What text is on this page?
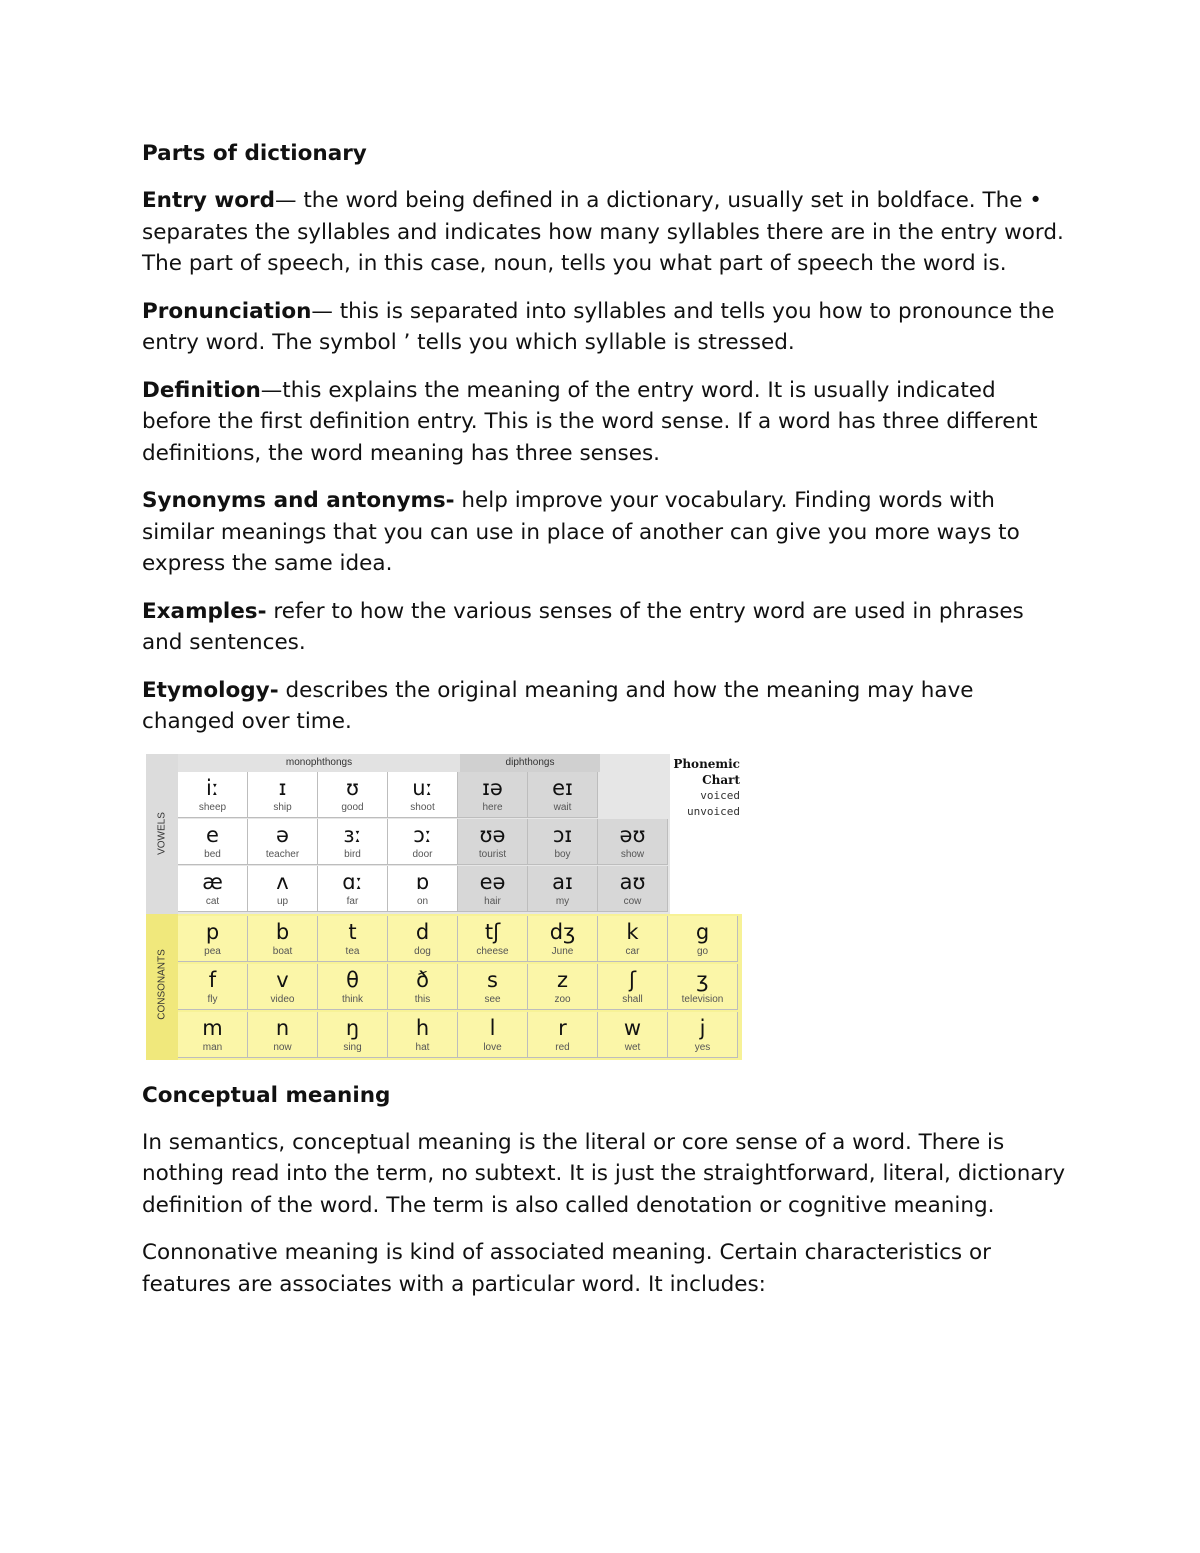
Parts of dictionary
Entry word— the word being defined in a dictionary, usually set in boldface. The • separates the syllables and indicates how many syllables there are in the entry word. The part of speech, in this case, noun, tells you what part of speech the word is.
Pronunciation— this is separated into syllables and tells you how to pronounce the entry word. The symbol ’ tells you which syllable is stressed.
Definition—this explains the meaning of the entry word. It is usually indicated before the first definition entry. This is the word sense. If a word has three different definitions, the word meaning has three senses.
Synonyms and antonyms- help improve your vocabulary. Finding words with similar meanings that you can use in place of another can give you more ways to express the same idea.
Examples- refer to how the various senses of the entry word are used in phrases and sentences.
Etymology- describes the original meaning and how the meaning may have changed over time.
monophthongs	diphthongs
VOWELS
CONSONANTS
Phonemic
Chart
voiced
unvoiced
iː
sheep
ɪ
ship
ʊ
good
uː
shoot
ɪə
here
eɪ
wait
e
bed
ə
teacher
ɜː
bird
ɔː
door
ʊə
tourist
ɔɪ
boy
əʊ
show
æ
cat
ʌ
up
ɑː
far
ɒ
on
eə
hair
aɪ
my
aʊ
cow
p
pea
b
boat
t
tea
d
dog
tʃ
cheese
dʒ
June
k
car
g
go
f
fly
v
video
θ
think
ð
this
s
see
z
zoo
ʃ
shall
ʒ
television
m
man
n
now
ŋ
sing
h
hat
l
love
r
red
w
wet
j
yes
Conceptual meaning
In semantics, conceptual meaning is the literal or core sense of a word. There is nothing read into the term, no subtext. It is just the straightforward, literal, dictionary definition of the word. The term is also called denotation or cognitive meaning.
Connonative meaning is kind of associated meaning. Certain characteristics or features are associates with a particular word. It includes:
